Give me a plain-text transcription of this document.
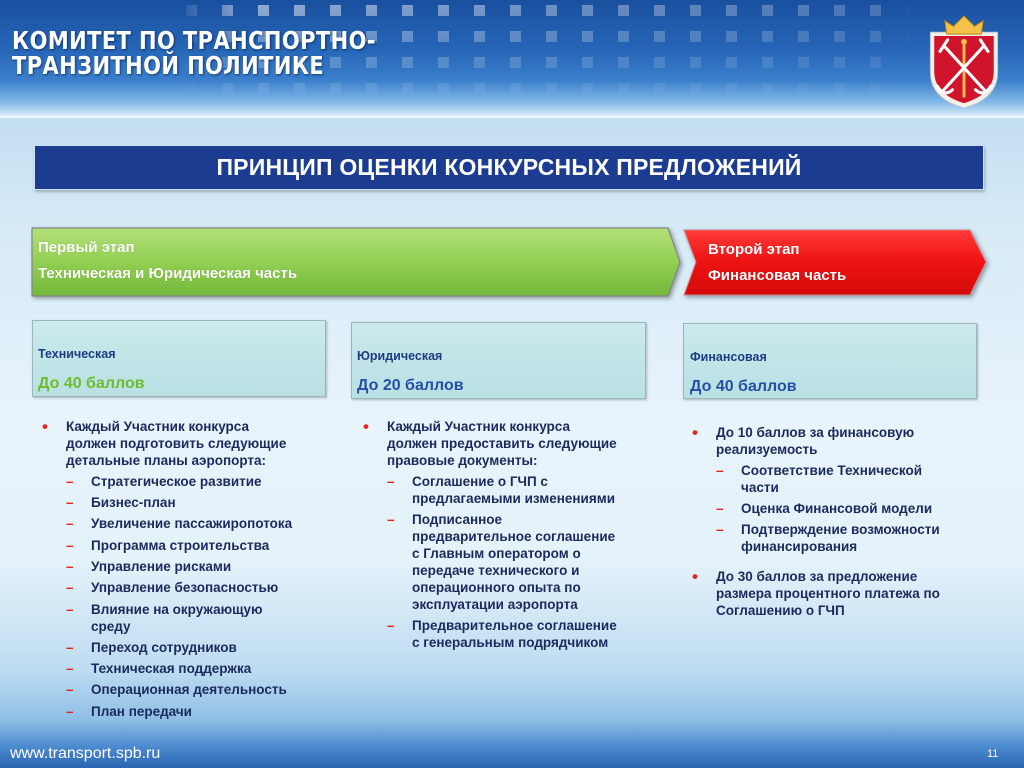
КОМИТЕТ ПО ТРАНСПОРТНО-
ТРАНЗИТНОЙ ПОЛИТИКЕ
ПРИНЦИП ОЦЕНКИ КОНКУРСНЫХ ПРЕДЛОЖЕНИЙ
Первый этап
Техническая и Юридическая часть
Второй этап
Финансовая часть
Техническая
До 40 баллов
Юридическая
До 20 баллов
Финансовая
До 40 баллов
•	Каждый Участник конкурса
должен подготовить следующие
детальные планы аэропорта:
–	Стратегическое развитие
–	Бизнес-план
–	Увеличение пассажиропотока
–	Программа строительства
–	Управление рисками
–	Управление безопасностью
–	Влияние на окружающую
среду
–	Переход сотрудников
–	Техническая поддержка
–	Операционная деятельность
–	План передачи
•	Каждый Участник конкурса
должен предоставить следующие
правовые документы:
–	Соглашение о ГЧП с
предлагаемыми изменениями
–	Подписанное
предварительное соглашение
с Главным оператором о
передаче технического и
операционного опыта по
эксплуатации аэропорта
–	Предварительное соглашение
с генеральным подрядчиком
•	До 10 баллов за финансовую
реализуемость
–	Соответствие Технической
части
–	Оценка Финансовой модели
–	Подтверждение возможности
финансирования
•	До 30 баллов за предложение
размера процентного платежа по
Соглашению о ГЧП
www.transport.spb.ru	11
